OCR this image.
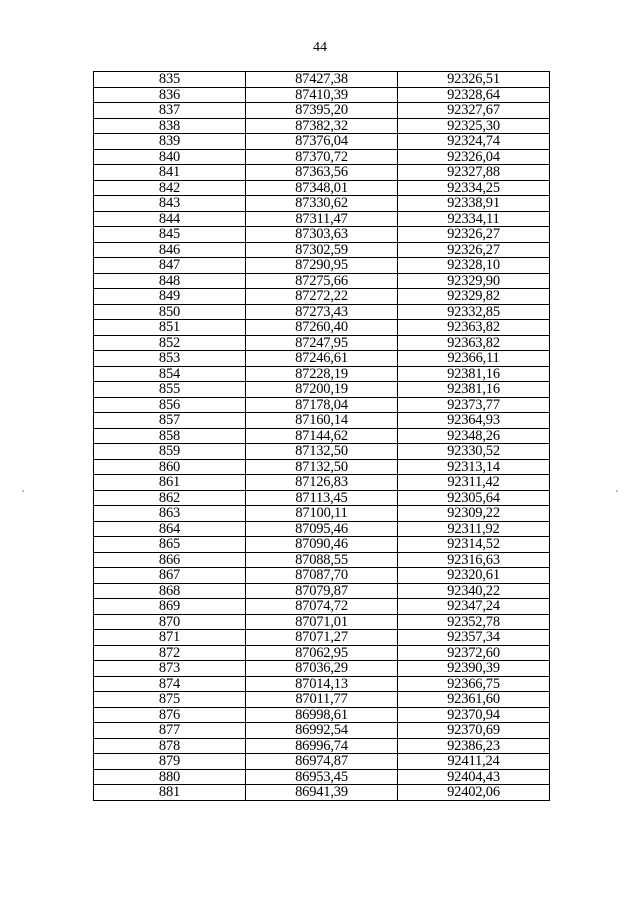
44
835	87427,38	92326,51
836	87410,39	92328,64
837	87395,20	92327,67
838	87382,32	92325,30
839	87376,04	92324,74
840	87370,72	92326,04
841	87363,56	92327,88
842	87348,01	92334,25
843	87330,62	92338,91
844	87311,47	92334,11
845	87303,63	92326,27
846	87302,59	92326,27
847	87290,95	92328,10
848	87275,66	92329,90
849	87272,22	92329,82
850	87273,43	92332,85
851	87260,40	92363,82
852	87247,95	92363,82
853	87246,61	92366,11
854	87228,19	92381,16
855	87200,19	92381,16
856	87178,04	92373,77
857	87160,14	92364,93
858	87144,62	92348,26
859	87132,50	92330,52
860	87132,50	92313,14
861	87126,83	92311,42
862	87113,45	92305,64
863	87100,11	92309,22
864	87095,46	92311,92
865	87090,46	92314,52
866	87088,55	92316,63
867	87087,70	92320,61
868	87079,87	92340,22
869	87074,72	92347,24
870	87071,01	92352,78
871	87071,27	92357,34
872	87062,95	92372,60
873	87036,29	92390,39
874	87014,13	92366,75
875	87011,77	92361,60
876	86998,61	92370,94
877	86992,54	92370,69
878	86996,74	92386,23
879	86974,87	92411,24
880	86953,45	92404,43
881	86941,39	92402,06
